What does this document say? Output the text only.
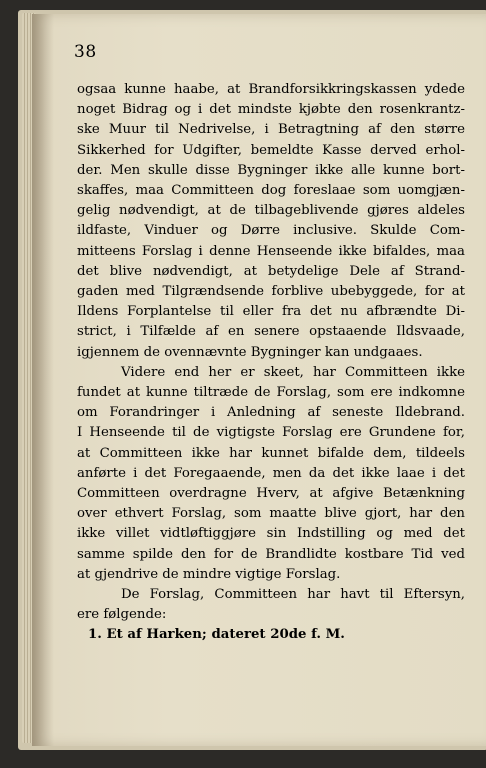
38
ogsaa kunne haabe, at Brandforsikkringskassen ydede
noget Bidrag og i det mindste kjøbte den rosenkrantz-
ske Muur til Nedrivelse, i Betragtning af den større
Sikkerhed for Udgifter, bemeldte Kasse derved erhol-
der. Men skulle disse Bygninger ikke alle kunne bort-
skaffes, maa Committeen dog foreslaae som uomgjæn-
gelig nødvendigt, at de tilbageblivende gjøres aldeles
ildfaste, Vinduer og Dørre inclusive. Skulde Com-
mitteens Forslag i denne Henseende ikke bifaldes, maa
det blive nødvendigt, at betydelige Dele af Strand-
gaden med Tilgrændsende forblive ubebyggede, for at
Ildens Forplantelse til eller fra det nu afbrændte Di-
strict, i Tilfælde af en senere opstaaende Ildsvaade,
igjennem de ovennævnte Bygninger kan undgaaes.
Videre end her er skeet, har Committeen ikke
fundet at kunne tiltræde de Forslag, som ere indkomne
om Forandringer i Anledning af seneste Ildebrand.
I Henseende til de vigtigste Forslag ere Grundene for,
at Committeen ikke har kunnet bifalde dem, tildeels
anførte i det Foregaaende, men da det ikke laae i det
Committeen overdragne Hverv, at afgive Betænkning
over ethvert Forslag, som maatte blive gjort, har den
ikke villet vidtløftiggjøre sin Indstilling og med det
samme spilde den for de Brandlidte kostbare Tid ved
at gjendrive de mindre vigtige Forslag.
De Forslag, Committeen har havt til Eftersyn,
ere følgende:
1. Et af Harken; dateret 20de f. M.
